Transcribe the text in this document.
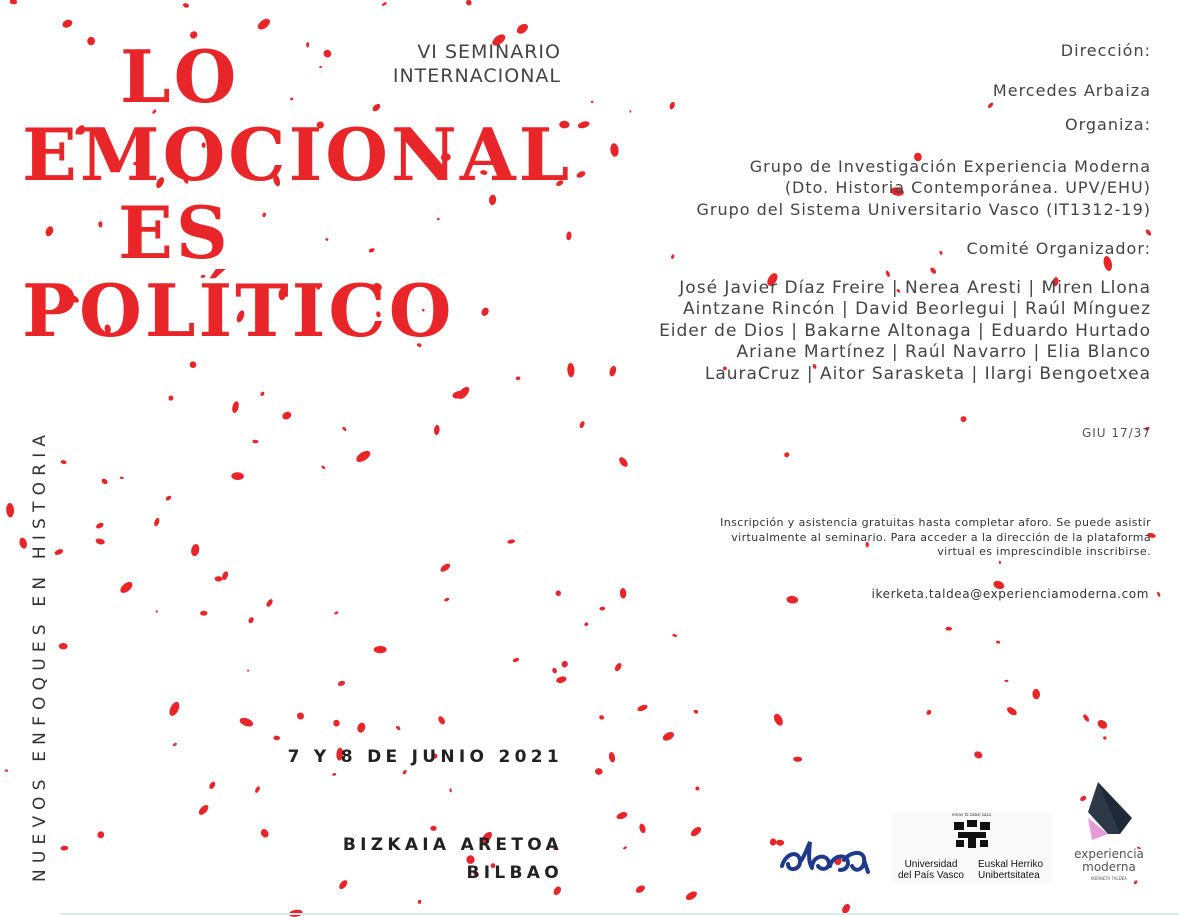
LO
EMOCIONAL
ES
POLÍTICO
VI SEMINARIO
INTERNACIONAL
NUEVOS ENFOQUES EN HISTORIA	7 Y 8 DE JUNIO 2021
BIZKAIA ARETOA
BILBAO
Dirección:
Mercedes Arbaiza
Organiza:
Grupo de Investigación Experiencia Moderna
(Dto. Historia Contemporánea. UPV/EHU)
Grupo del Sistema Universitario Vasco (IT1312-19)
Comité Organizador:
José Javier Díaz Freire | Nerea Aresti | Miren Llona
Aintzane Rincón | David Beorlegui | Raúl Mínguez
Eider de Dios | Bakarne Altonaga | Eduardo Hurtado
Ariane Martínez | Raúl Navarro | Elia Blanco
LauraCruz | Aitor Sarasketa | Ilargi Bengoetxea
GIU 17/37
Inscripción y asistencia gratuitas hasta completar aforo. Se puede asistir
virtualmente al seminario. Para acceder a la dirección de la plataforma
virtual es imprescindible inscribirse.
ikerketa.taldea@experienciamoderna.com
eman ta zabal zazu
Universidad
del País Vasco
Euskal Herriko
Unibertsitatea
experiencia
moderna
IKERKETA TALDEA
